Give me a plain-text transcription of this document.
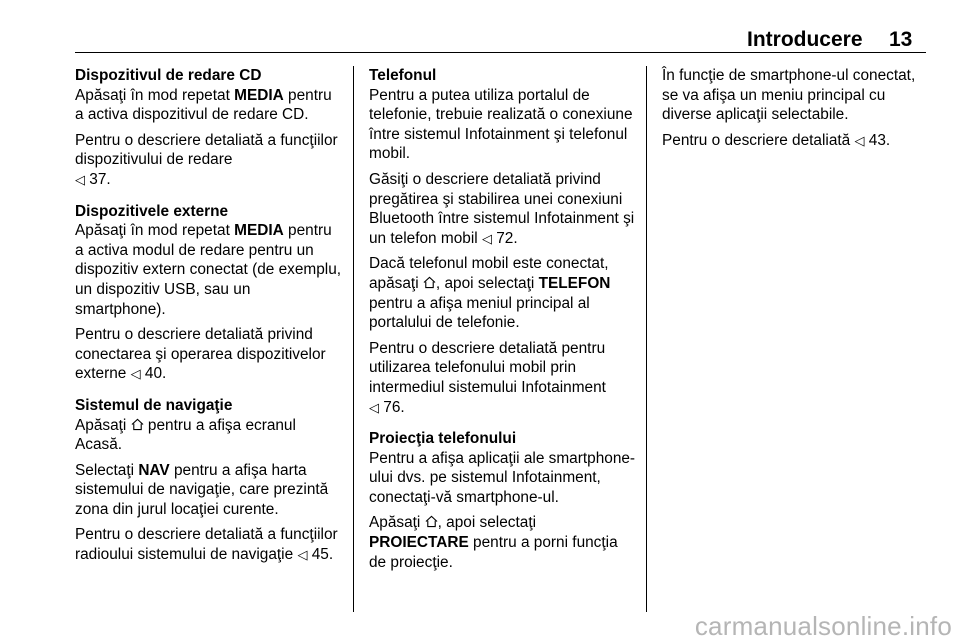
Introducere 13
Dispozitivul de redare CD

Apăsaţi în mod repetat MEDIA pentru a activa dispozitivul de redare CD.

Pentru o descriere detaliată a funcţiilor dispozitivului de redare
◁ 37.

Dispozitivele externe

Apăsaţi în mod repetat MEDIA pentru a activa modul de redare pentru un dispozitiv extern conectat (de exemplu, un dispozitiv USB, sau un smartphone).

Pentru o descriere detaliată privind conectarea şi operarea dispozitivelor externe ◁ 40.

Sistemul de navigaţie

Apăsaţi  pentru a afişa ecranul Acasă.

Selectaţi NAV pentru a afişa harta sistemului de navigaţie, care prezintă zona din jurul locaţiei curente.

Pentru o descriere detaliată a funcţiilor radioului sistemului de navigaţie ◁ 45.

Telefonul

Pentru a putea utiliza portalul de telefonie, trebuie realizată o conexiune între sistemul Infotainment şi telefonul mobil.

Găsiţi o descriere detaliată privind pregătirea şi stabilirea unei conexiuni Bluetooth între sistemul Infotainment şi un telefon mobil ◁ 72.

Dacă telefonul mobil este conectat, apăsaţi , apoi selectaţi TELEFON pentru a afişa meniul principal al portalului de telefonie.

Pentru o descriere detaliată pentru utilizarea telefonului mobil prin intermediul sistemului Infotainment
◁ 76.

Proiecţia telefonului

Pentru a afişa aplicaţii ale smartphone-ului dvs. pe sistemul Infotainment, conectaţi-vă smartphone-ul.

Apăsaţi , apoi selectaţi
PROIECTARE pentru a porni funcţia de proiecţie.

În funcţie de smartphone-ul conectat, se va afişa un meniu principal cu diverse aplicaţii selectabile.

Pentru o descriere detaliată ◁ 43.

carmanualsonline.info
